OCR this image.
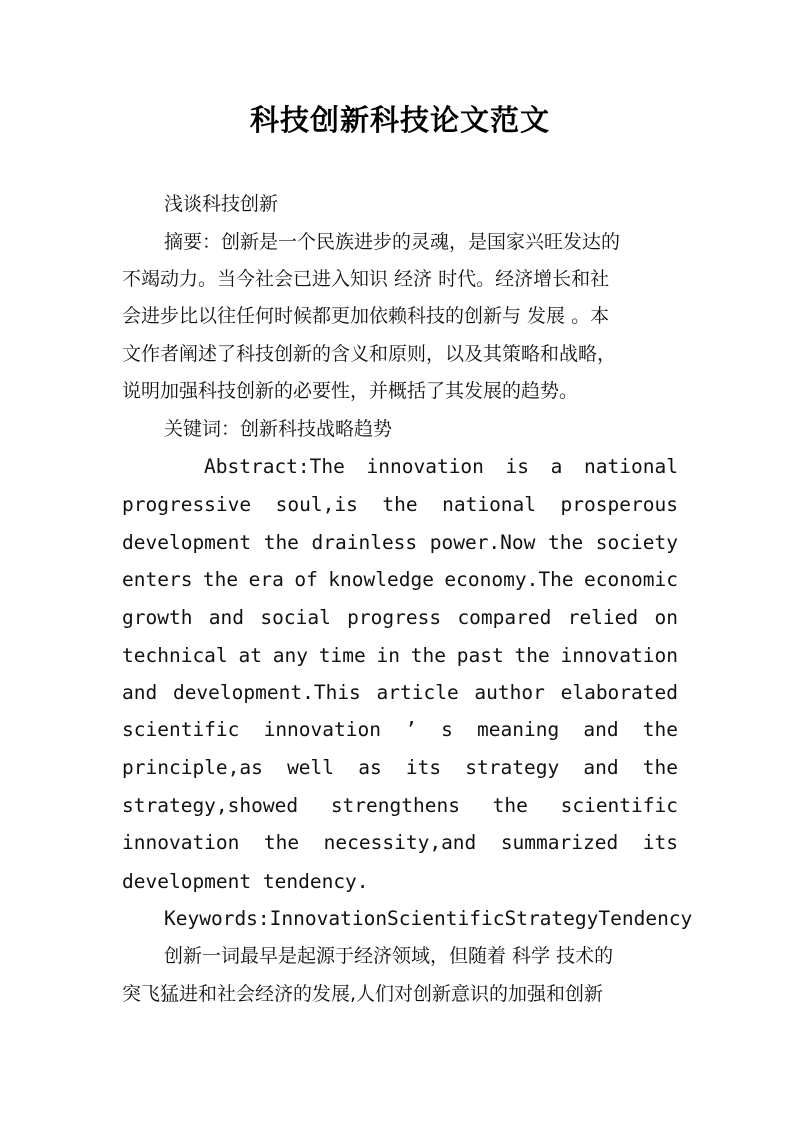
科技创新科技论文范文
浅谈科技创新
摘要：创新是一个民族进步的灵魂，是国家兴旺发达的
不竭动力。当今社会已进入知识 经济 时代。经济增长和社
会进步比以往任何时候都更加依赖科技的创新与 发展 。本
文作者阐述了科技创新的含义和原则，以及其策略和战略，
说明加强科技创新的必要性，并概括了其发展的趋势。
关键词：创新科技战略趋势
Abstract:The innovation is a national
progressive soul,is the national prosperous
development the drainless power.Now the society
enters the era of knowledge economy.The economic
growth and social progress compared relied on
technical at any time in the past the innovation
and development.This article author elaborated
scientific innovation ’ s meaning and the
principle,as well as its strategy and the
strategy,showed strengthens the scientific
innovation the necessity,and summarized its
development tendency.
Keywords:InnovationScientificStrategyTendency
创新一词最早是起源于经济领域，但随着 科学 技术的
突飞猛进和社会经济的发展,人们对创新意识的加强和创新
